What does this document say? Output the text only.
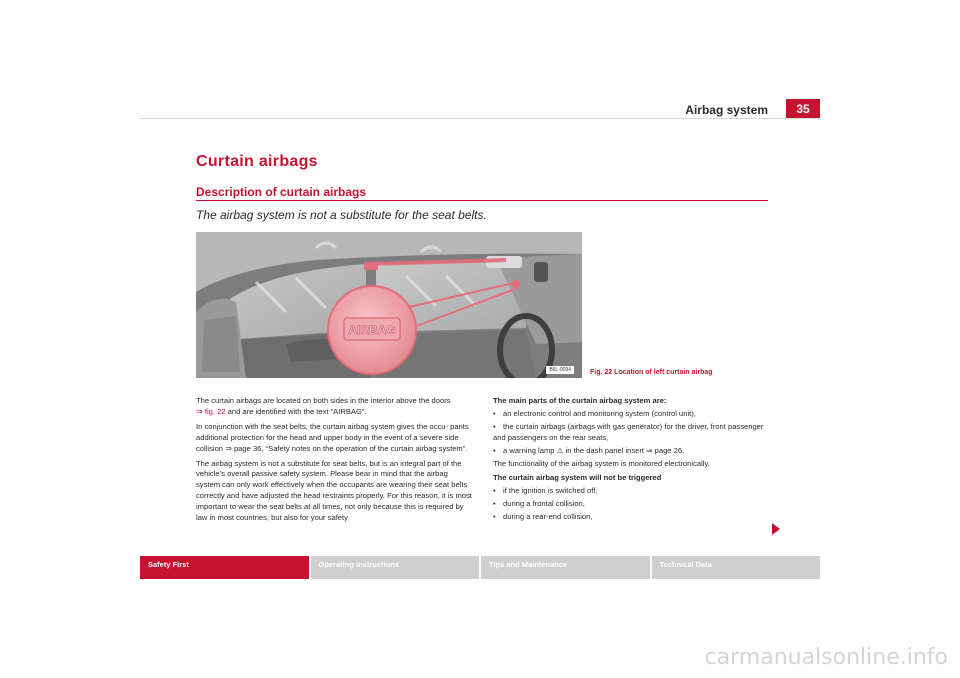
Airbag system	35
Curtain airbags
Description of curtain airbags
The airbag system is not a substitute for the seat belts.
AIRBAG
B6L-0094	Fig. 22 Location of left curtain airbag

The curtain airbags are located on both sides in the interior above the doors
⇒ fig. 22 and are identified with the text “AIRBAG”.

In conjunction with the seat belts, the curtain airbag system gives the occu- pants additional protection for the head and upper body in the event of a severe side collision ⇒ page 36, “Safety notes on the operation of the curtain airbag system”.

The airbag system is not a substitute for seat belts, but is an integral part of the vehicle’s overall passive safety system. Please bear in mind that the airbag system can only work effectively when the occupants are wearing their seat belts correctly and have adjusted the head restraints properly. For this reason, it is most important to wear the seat belts at all times, not only because this is required by law in most countries, but also for your safety

The main parts of the curtain airbag system are:

• an electronic control and monitoring system (control unit),

• the curtain airbags (airbags with gas generator) for the driver, front passenger and passengers on the rear seats,

• a warning lamp ⚠ in the dash panel insert ⇒ page 26.

The functionality of the airbag system is monitored electronically.

The curtain airbag system will not be triggered

• if the ignition is switched off,

• during a frontal collision,

• during a rear-end collision,

Safety First	Operating instructions	Tips and Maintenance	Technical Data
carmanualsonline.info
